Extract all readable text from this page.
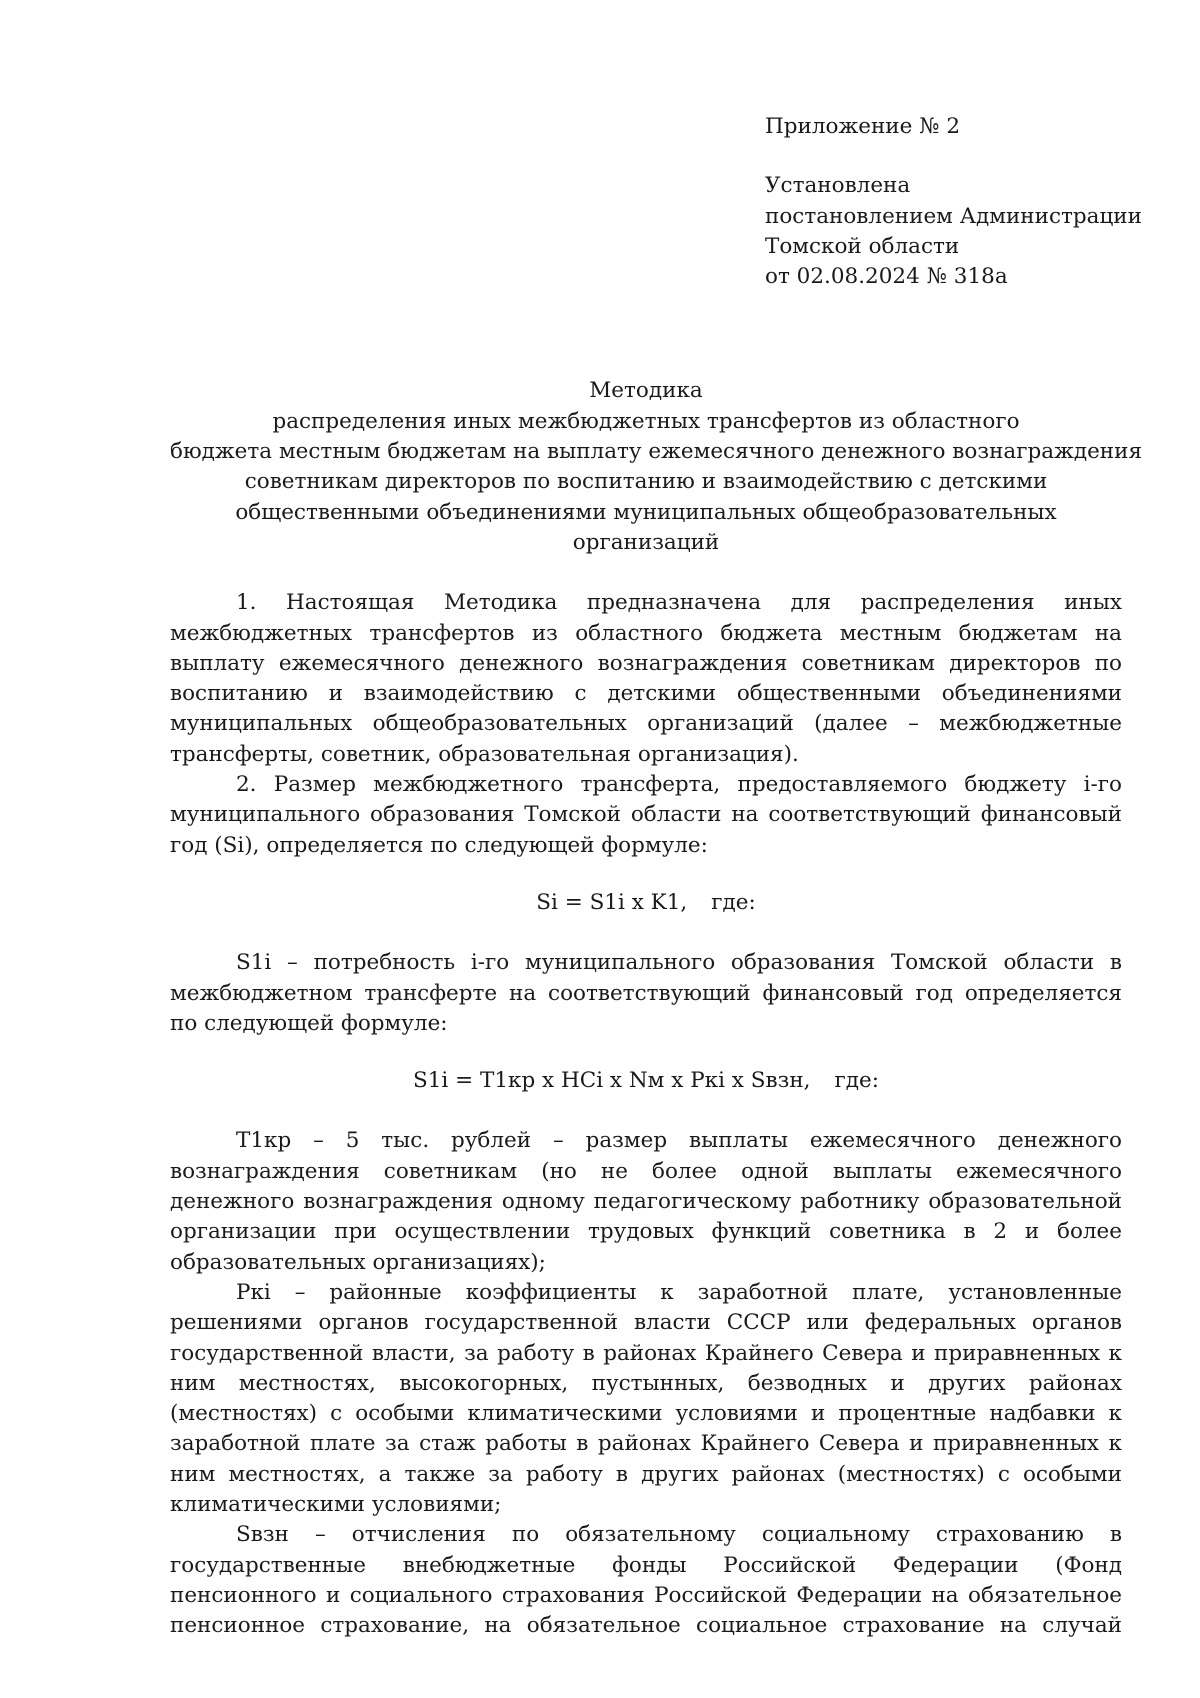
Приложение № 2
Установлена
постановлением Администрации
Томской области
от 02.08.2024 № 318а
Методика
распределения иных межбюджетных трансфертов из областного
бюджета местным бюджетам на выплату ежемесячного денежного вознаграждения
советникам директоров по воспитанию и взаимодействию с детскими
общественными объединениями муниципальных общеобразовательных
организаций

1. Настоящая Методика предназначена для распределения иных межбюджетных трансфертов из областного бюджета местным бюджетам на выплату ежемесячного денежного вознаграждения советникам директоров по воспитанию и взаимодействию с детскими общественными объединениями муниципальных общеобразовательных организаций (далее – межбюджетные трансферты, советник, образовательная организация).

2. Размер межбюджетного трансферта, предоставляемого бюджету i-го муниципального образования Томской области на соответствующий финансовый год (Si), определяется по следующей формуле:

Si = S1i x K1, где:

S1i – потребность i-го муниципального образования Томской области в межбюджетном трансферте на соответствующий финансовый год определяется по следующей формуле:

S1i = T1кр x НCi x Nм x Ркi x Sвзн, где:

Т1кр – 5 тыс. рублей – размер выплаты ежемесячного денежного вознаграждения советникам (но не более одной выплаты ежемесячного денежного вознаграждения одному педагогическому работнику образовательной организации при осуществлении трудовых функций советника в 2 и более образовательных организациях);

Ркi – районные коэффициенты к заработной плате, установленные решениями органов государственной власти СССР или федеральных органов государственной власти, за работу в районах Крайнего Севера и приравненных к ним местностях, высокогорных, пустынных, безводных и других районах (местностях) с особыми климатическими условиями и процентные надбавки к заработной плате за стаж работы в районах Крайнего Севера и приравненных к ним местностях, а также за работу в других районах (местностях) с особыми климатическими условиями;

Sвзн – отчисления по обязательному социальному страхованию в государственные внебюджетные фонды Российской Федерации (Фонд пенсионного и социального страхования Российской Федерации на обязательное пенсионное страхование, на обязательное социальное страхование на случай
